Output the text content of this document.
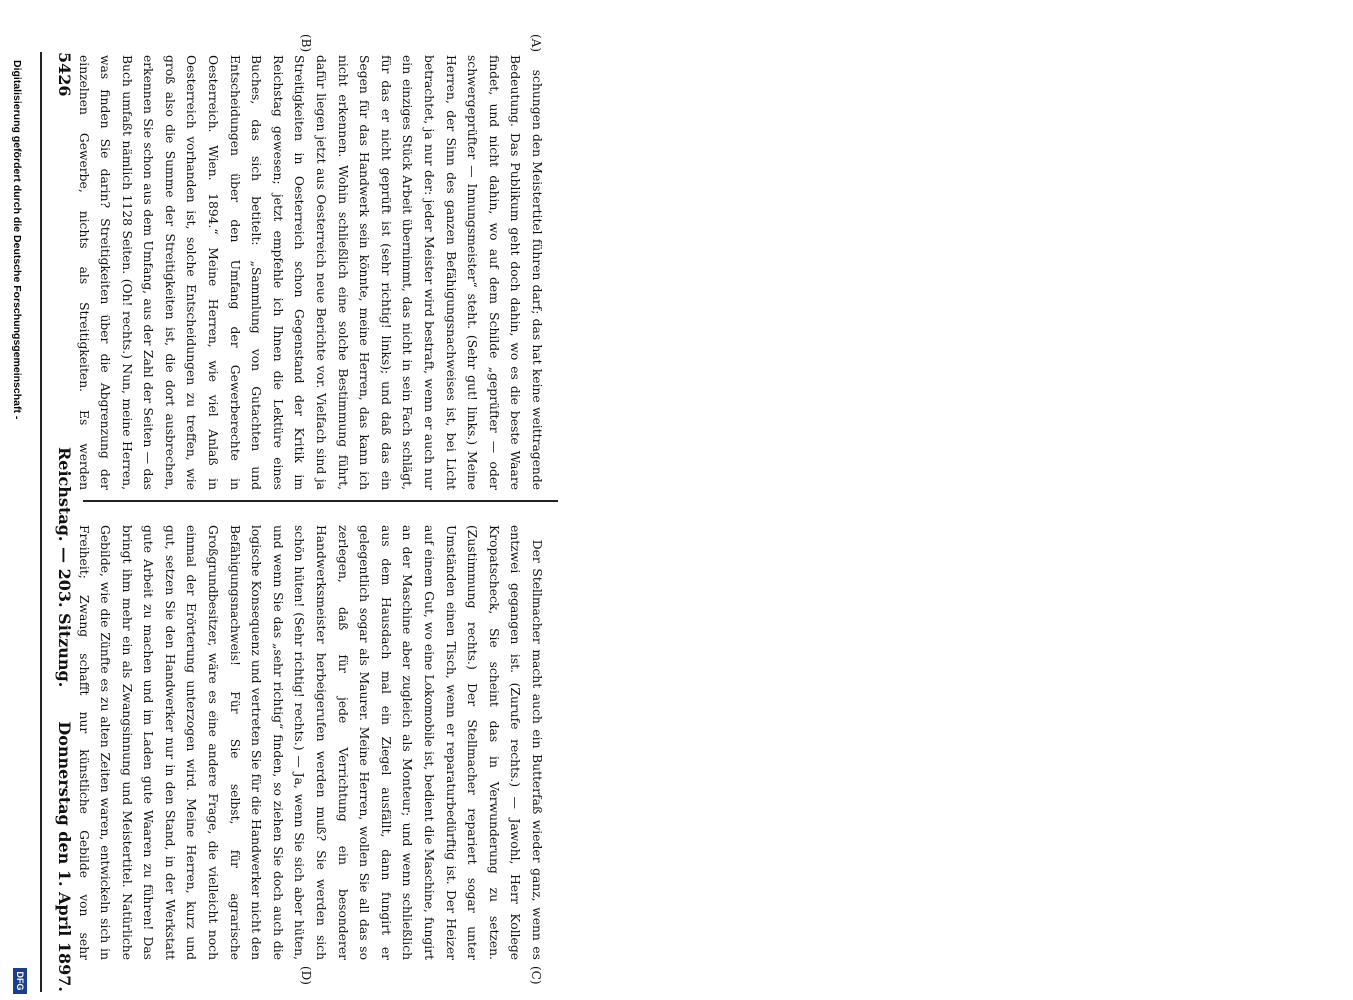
5426
Reichstag. — 203. Sitzung.
Donnerstag den 1. April 1897.
(A)
(B)
(C)
(D)

schungen den Meistertitel führen darf; das hat keine weittragende Bedeutung. Das Publikum geht doch dahin, wo es die beste Waare findet, und nicht dahin, wo auf dem Schilde „geprüfter — oder schwergeprüfter — Innungsmeister“ steht. (Sehr gut! links.) Meine Herren, der Sinn des ganzen Befähigungsnachweises ist, bei Licht betrachtet, ja nur der: jeder Meister wird bestraft, wenn er auch nur ein einziges Stück Arbeit übernimmt, das nicht in sein Fach schlägt, für das er nicht geprüft ist (sehr richtig! links); und daß das ein Segen für das Handwerk sein könnte, meine Herren, das kann ich nicht erkennen. Wohin schließlich eine solche Bestimmung führt, dafür liegen jetzt aus Oesterreich neue Berichte vor. Vielfach sind ja Streitigkeiten in Oesterreich schon Gegenstand der Kritik im Reichstag gewesen; jetzt empfehle ich Ihnen die Lektüre eines Buches, das sich betitelt: „Sammlung von Gutachten und Entscheidungen über den Umfang der Gewerberechte in Oesterreich. Wien. 1894.“ Meine Herren, wie viel Anlaß in Oesterreich vorhanden ist, solche Entscheidungen zu treffen, wie groß also die Summe der Streitigkeiten ist, die dort ausbrechen, erkennen Sie schon aus dem Umfang, aus der Zahl der Seiten — das Buch umfaßt nämlich 1128 Seiten. (Oh! rechts.) Nun, meine Herren, was finden Sie darin? Streitigkeiten über die Abgrenzung der einzelnen Gewerbe, nichts als Streitigkeiten. Es werden

Der Stellmacher macht auch ein Butterfaß wieder ganz, wenn es entzwei gegangen ist. (Zurufe rechts.) — Jawohl, Herr Kollege Kropatscheck, Sie scheint das in Verwunderung zu setzen. (Zustimmung rechts.) Der Stellmacher repariert sogar unter Umständen einen Tisch, wenn er reparaturbedürftig ist. Der Heizer auf einem Gut, wo eine Lokomobile ist, bedient die Maschine, fungirt an der Maschine aber zugleich als Monteur; und wenn schließlich aus dem Hausdach mal ein Ziegel ausfällt, dann fungirt er gelegentlich sogar als Maurer. Meine Herren, wollen Sie all das so zerlegen, daß für jede Verrichtung ein besonderer Handwerksmeister herbeigerufen werden muß? Sie werden sich schön hüten! (Sehr richtig! rechts.) — Ja, wenn Sie sich aber hüten, und wenn Sie das „sehr richtig“ finden, so ziehen Sie doch auch die logische Konsequenz und vertreten Sie für die Handwerker nicht den Befähigungsnachweis! Für Sie selbst, für agrarische Großgrundbesitzer, wäre es eine andere Frage, die vielleicht noch einmal der Erörterung unterzogen wird. Meine Herren, kurz und gut, setzen Sie den Handwerker nur in den Stand, in der Werkstatt gute Arbeit zu machen und im Laden gute Waaren zu führen! Das bringt ihm mehr ein als Zwangsinnung und Meistertitel. Natürliche Gebilde, wie die Zünfte es zu alten Zeiten waren, entwickeln sich in Freiheit; Zwang schafft nur künstliche Gebilde von sehr

Digitalisierung gefördert durch die Deutsche Forschungsgemeinschaft -
DFG
